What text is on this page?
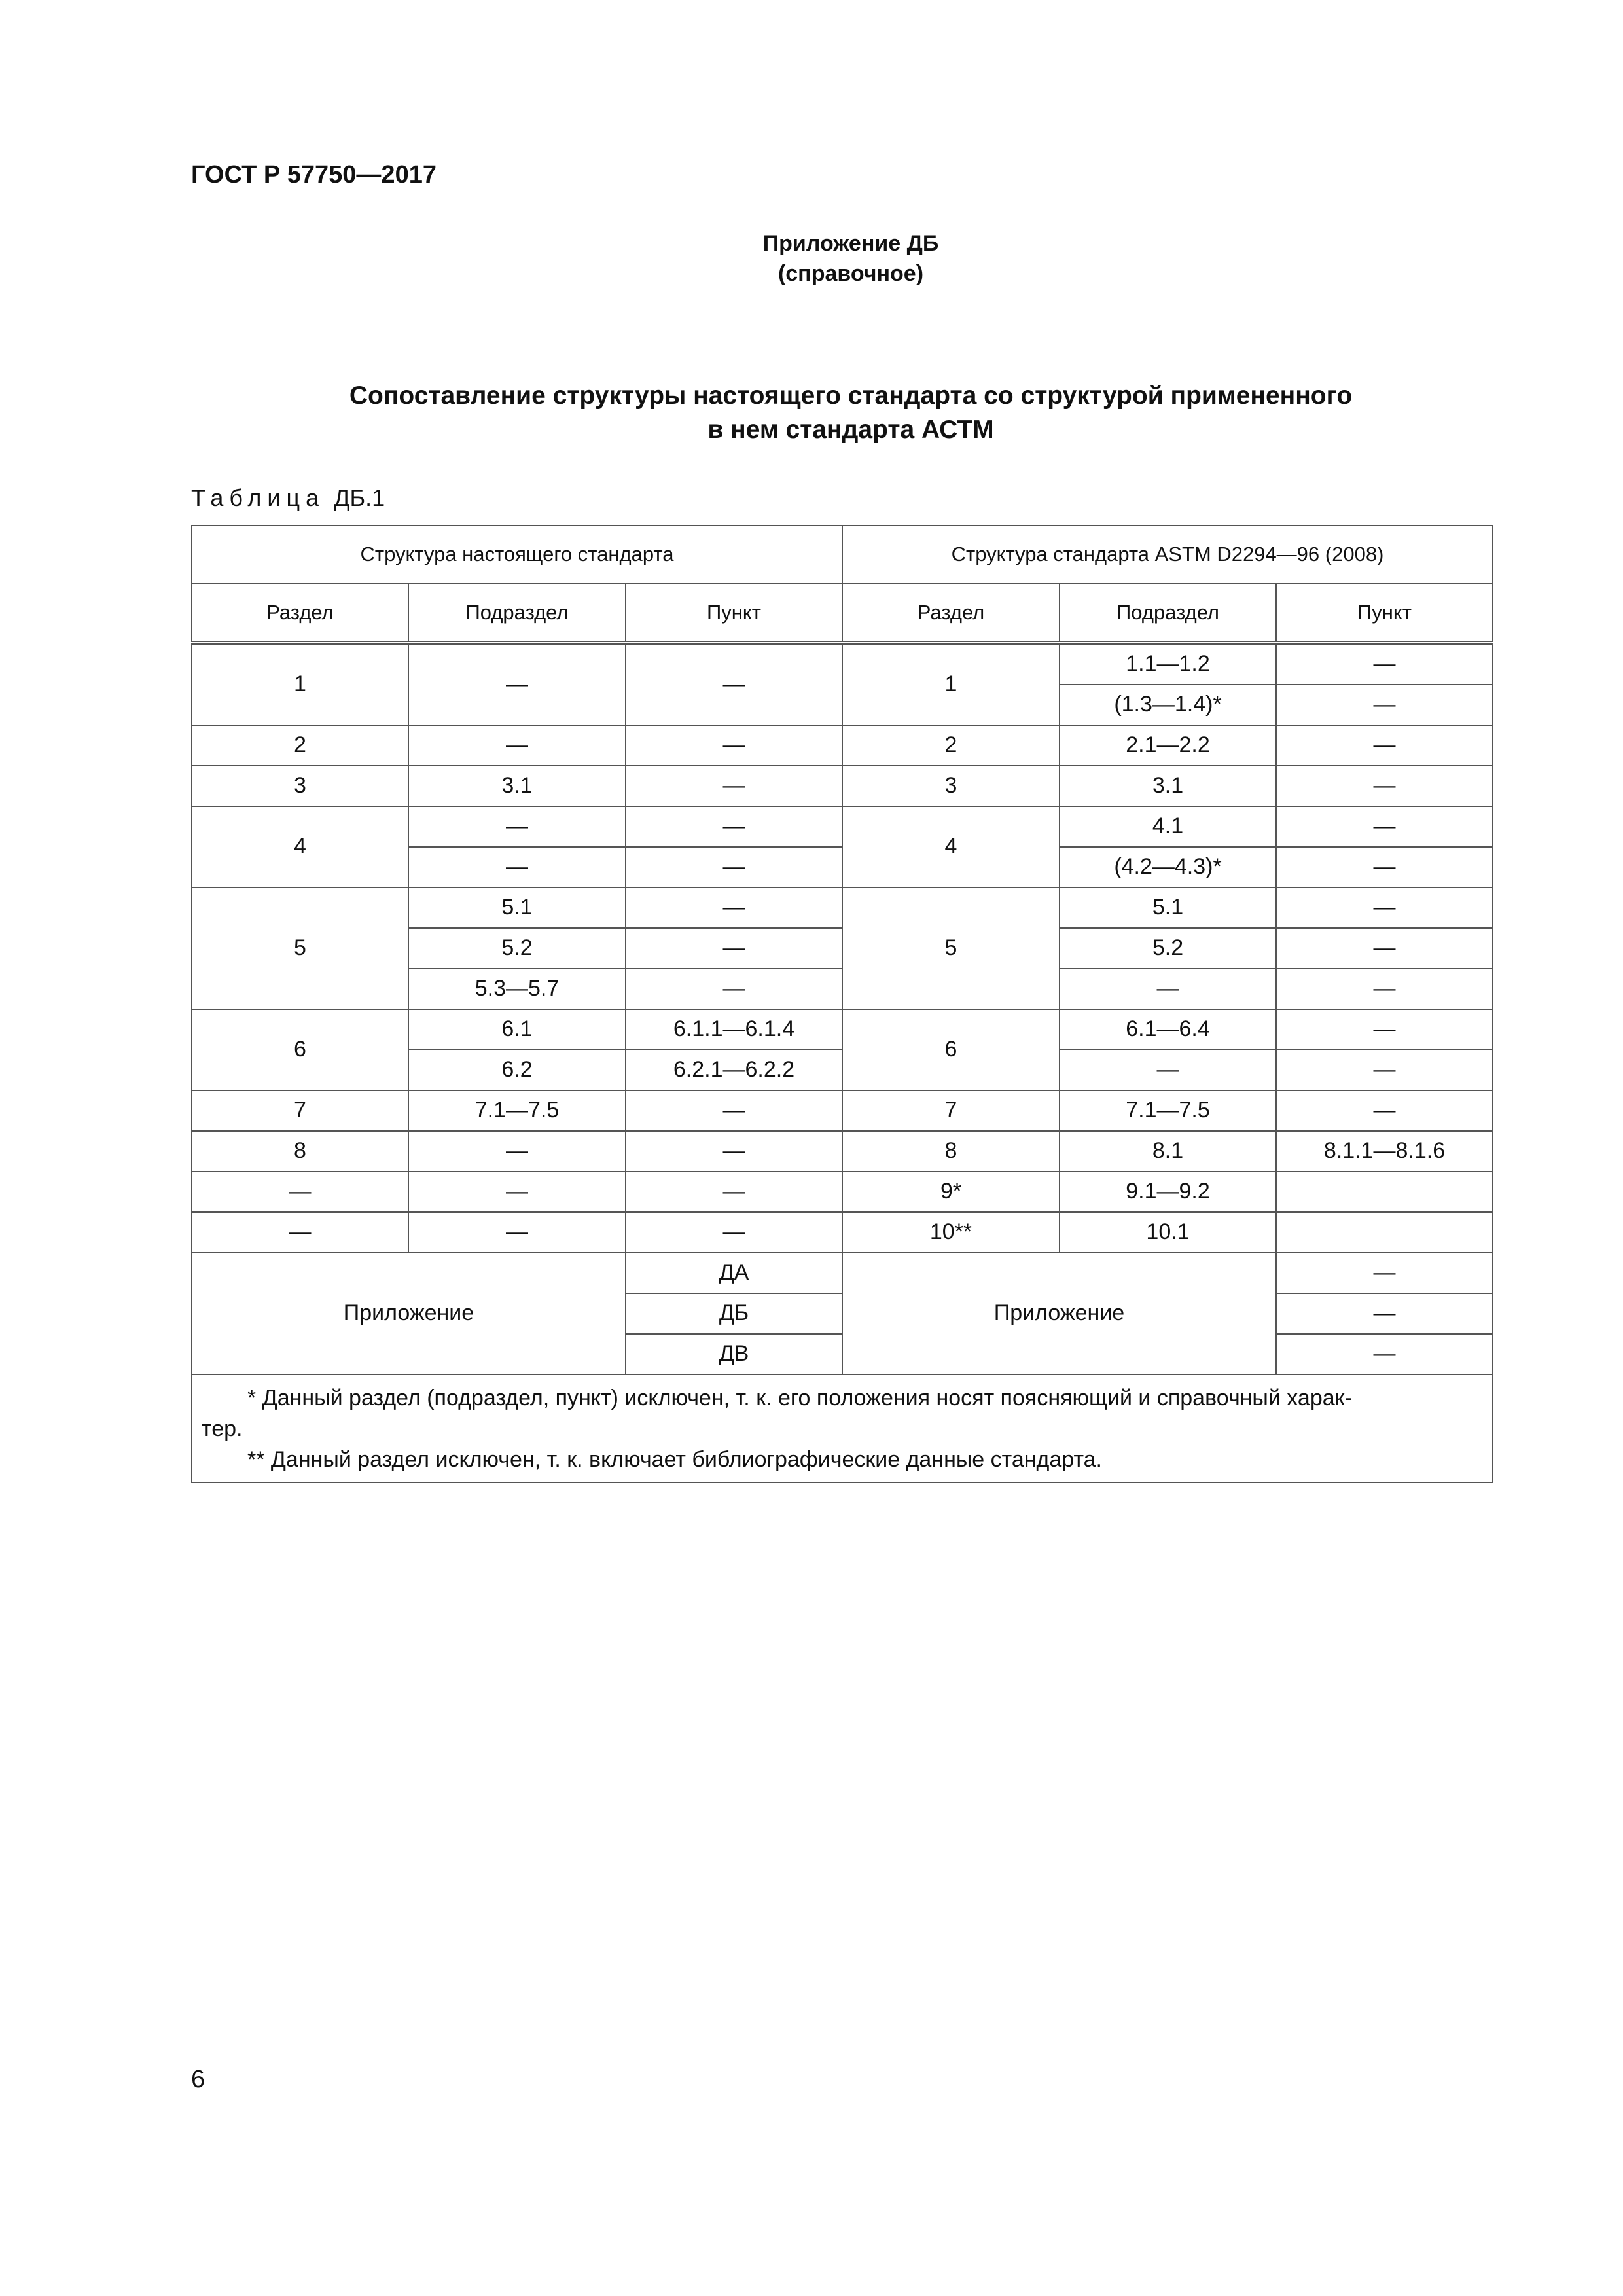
ГОСТ Р 57750—2017
Приложение ДБ
(справочное)
Сопоставление структуры настоящего стандарта со структурой примененного
в нем стандарта АСТМ
Таблица ДБ.1
Структура настоящего стандарта			Структура стандарта ASTM D2294—96 (2008)		
Раздел	Подраздел	Пункт	Раздел	Подраздел	Пункт
1	—	—	1	1.1—1.2	—
				(1.3—1.4)*	—
2	—	—	2	2.1—2.2	—
3	3.1	—	3	3.1	—
4	—	—	4	4.1	—
	—	—		(4.2—4.3)*	—
5	5.1	—	5	5.1	—
	5.2	—		5.2	—
	5.3—5.7	—		—	—
6	6.1	6.1.1—6.1.4	6	6.1—6.4	—
	6.2	6.2.1—6.2.2		—	—
7	7.1—7.5	—	7	7.1—7.5	—
8	—	—	8	8.1	8.1.1—8.1.6
—	—	—	9*	9.1—9.2	
—	—	—	10**	10.1	
Приложение		ДА	Приложение		—
		ДБ			—
		ДВ			—

* Данный раздел (подраздел, пункт) исключен, т. к. его положения носят поясняющий и справочный харак-
тер.
** Данный раздел исключен, т. к. включает библиографические данные стандарта.					
6
